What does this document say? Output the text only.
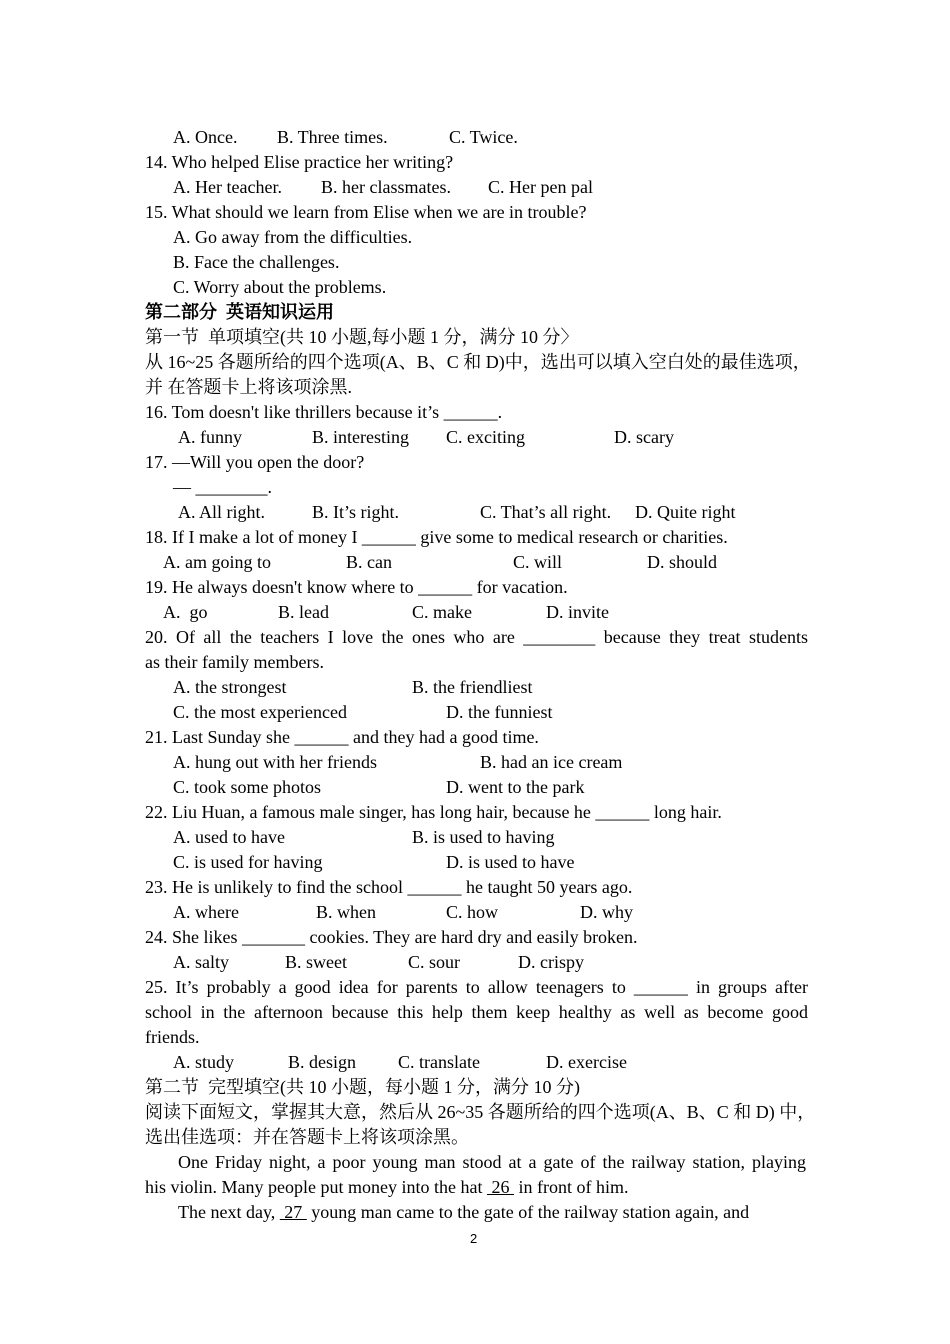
A. Once. B. Three times.	C. Twice.
14. Who helped Elise practice her writing?
A. Her teacher. B. her classmates. C. Her pen pal
15. What should we learn from Elise when we are in trouble?
A. Go away from the difficulties.
B. Face the challenges.
C. Worry about the problems.
第二部分  英语知识运用
第一节  单项填空(共 10 小题,每小题 1 分，满分 10 分〉
从 16~25 各题所给的四个选项(A、B、C 和 D)中，选出可以填入空白处的最佳选项，
并 在答题卡上将该项涂黑.
16. Tom doesn't like thrillers because it’s ______.
A. funny	B. interesting C. exciting	D. scary
17. —Will you open the door?
— ________.
A. All right.	B. It’s right.	C. That’s all right. D. Quite right
18. If I make a lot of money I ______ give some to medical research or charities.
A. am going to	B. can	C. will	D. should
19. He always doesn't know where to ______ for vacation.
A.  go	B. lead	C. make	D. invite
20. Of all the teachers I love the ones who are ________ because they treat students
as their family members.
A. the strongest	B. the friendliest
C. the most experienced	D. the funniest
21. Last Sunday she ______ and they had a good time.
A. hung out with her friends	B. had an ice cream
C. took some photos	D. went to the park
22. Liu Huan, a famous male singer, has long hair, because he ______ long hair.
A. used to have	B. is used to having
C. is used for having	D. is used to have
23. He is unlikely to find the school ______ he taught 50 years ago.
A. where	B. when	C. how	D. why
24. She likes _______ cookies. They are hard dry and easily broken.
A. salty	B. sweet	C. sour	D. crispy
25. It’s probably a good idea for parents to allow teenagers to ______ in groups after
school in the afternoon because this help them keep healthy as well as become good
friends.
A. study	B. design C. translate	D. exercise
第二节  完型填空(共 10 小题，每小题 1 分，满分 10 分)
阅读下面短文，掌握其大意，然后从 26~35 各题所给的四个选项(A、B、C 和 D) 中，
选出佳选项：并在答题卡上将该项涂黑。
One Friday night, a poor young man stood at a gate of the railway station, playing
his violin. Many people put money into the hat  26  in front of him.
The next day,  27  young man came to the gate of the railway station again, and
2
